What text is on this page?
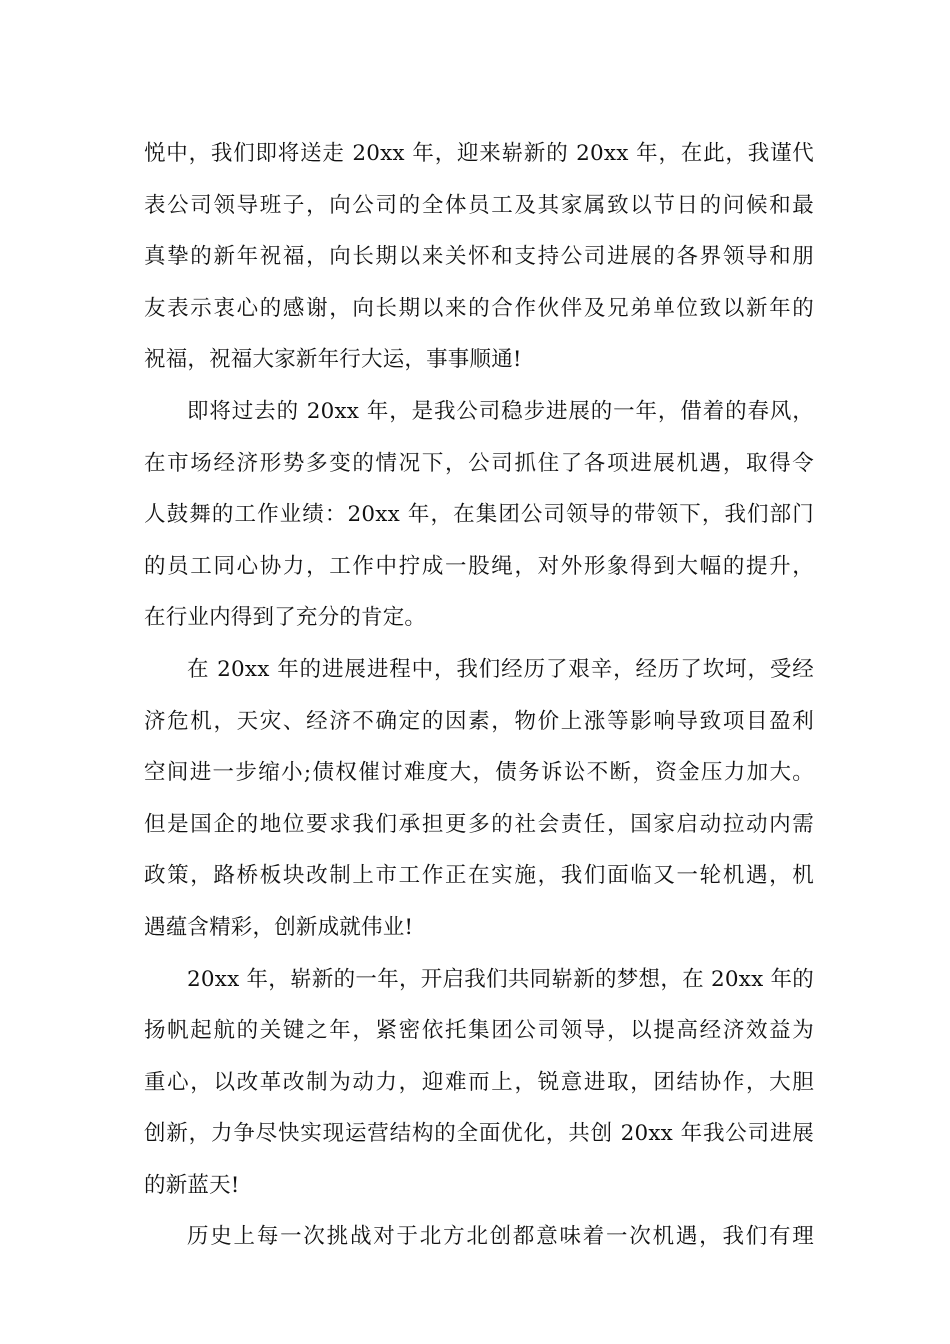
悦中，我们即将送走 20xx 年，迎来崭新的 20xx 年，在此，我谨代
表公司领导班子，向公司的全体员工及其家属致以节日的问候和最
真挚的新年祝福，向长期以来关怀和支持公司进展的各界领导和朋
友表示衷心的感谢，向长期以来的合作伙伴及兄弟单位致以新年的
祝福，祝福大家新年行大运，事事顺通!
即将过去的 20xx 年，是我公司稳步进展的一年，借着的春风，
在市场经济形势多变的情况下，公司抓住了各项进展机遇，取得令
人鼓舞的工作业绩：20xx 年，在集团公司领导的带领下，我们部门
的员工同心协力，工作中拧成一股绳，对外形象得到大幅的提升，
在行业内得到了充分的肯定。
在 20xx 年的进展进程中，我们经历了艰辛，经历了坎坷，受经
济危机，天灾、经济不确定的因素，物价上涨等影响导致项目盈利
空间进一步缩小;债权催讨难度大，债务诉讼不断，资金压力加大。
但是国企的地位要求我们承担更多的社会责任，国家启动拉动内需
政策，路桥板块改制上市工作正在实施，我们面临又一轮机遇，机
遇蕴含精彩，创新成就伟业!
20xx 年，崭新的一年，开启我们共同崭新的梦想，在 20xx 年的
扬帆起航的关键之年，紧密依托集团公司领导，以提高经济效益为
重心，以改革改制为动力，迎难而上，锐意进取，团结协作，大胆
创新，力争尽快实现运营结构的全面优化，共创 20xx 年我公司进展
的新蓝天!
历史上每一次挑战对于北方北创都意味着一次机遇，我们有理
